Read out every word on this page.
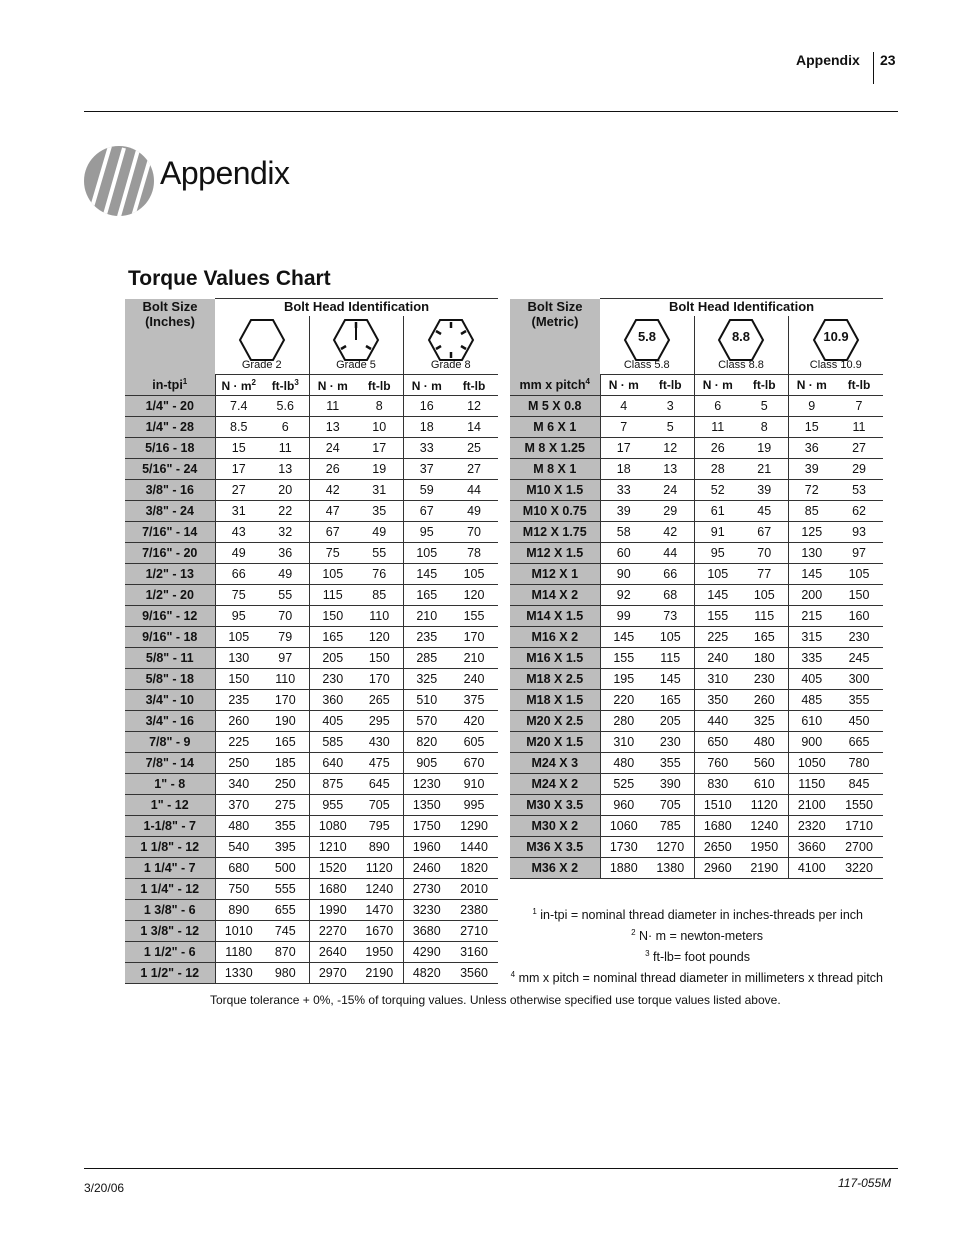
Appendix 23
Appendix
Torque Values Chart
Bolt Size
(Inches)	Bolt Head Identification					

	Grade 2		Grade 5		Grade 8	

in-tpi$^1$	$N \cdot m^2$	$ft-lb^3$	N · m	ft-lb	N · m	ft-lb
1/4" - 20	7.4	5.6	11	8	16	12
1/4" - 28	8.5	6	13	10	18	14
5/16 - 18	15	11	24	17	33	25
5/16" - 24	17	13	26	19	37	27
3/8" - 16	27	20	42	31	59	44
3/8" - 24	31	22	47	35	67	49
7/16" - 14	43	32	67	49	95	70
7/16" - 20	49	36	75	55	105	78
1/2" - 13	66	49	105	76	145	105
1/2" - 20	75	55	115	85	165	120
9/16" - 12	95	70	150	110	210	155
9/16" - 18	105	79	165	120	235	170
5/8" - 11	130	97	205	150	285	210
5/8" - 18	150	110	230	170	325	240
3/4" - 10	235	170	360	265	510	375
3/4" - 16	260	190	405	295	570	420
7/8" - 9	225	165	585	430	820	605
7/8" - 14	250	185	640	475	905	670
1" - 8	340	250	875	645	1230	910
1" - 12	370	275	955	705	1350	995
1-1/8" - 7	480	355	1080	795	1750	1290
1 1/8" - 12	540	395	1210	890	1960	1440
1 1/4" - 7	680	500	1520	1120	2460	1820
1 1/4" - 12	750	555	1680	1240	2730	2010
1 3/8" - 6	890	655	1990	1470	3230	2380
1 3/8" - 12	1010	745	2270	1670	3680	2710
1 1/2" - 6	1180	870	2640	1950	4290	3160
1 1/2" - 12	1330	980	2970	2190	4820	3560
Bolt Size
(Metric)	Bolt Head Identification					

5.8
Class 5.8		8.8
Class 8.8		10.9
Class 10.9	

mm x pitch$^4$	N · m	ft-lb	N · m	ft-lb	N · m	ft-lb
M 5 X 0.8	4	3	6	5	9	7
M 6 X 1	7	5	11	8	15	11
M 8 X 1.25	17	12	26	19	36	27
M 8 X 1	18	13	28	21	39	29
M10 X 1.5	33	24	52	39	72	53
M10 X 0.75	39	29	61	45	85	62
M12 X 1.75	58	42	91	67	125	93
M12 X 1.5	60	44	95	70	130	97
M12 X 1	90	66	105	77	145	105
M14 X 2	92	68	145	105	200	150
M14 X 1.5	99	73	155	115	215	160
M16 X 2	145	105	225	165	315	230
M16 X 1.5	155	115	240	180	335	245
M18 X 2.5	195	145	310	230	405	300
M18 X 1.5	220	165	350	260	485	355
M20 X 2.5	280	205	440	325	610	450
M20 X 1.5	310	230	650	480	900	665
M24 X 3	480	355	760	560	1050	780
M24 X 2	525	390	830	610	1150	845
M30 X 3.5	960	705	1510	1120	2100	1550
M30 X 2	1060	785	1680	1240	2320	1710
M36 X 3.5	1730	1270	2650	1950	3660	2700
M36 X 2	1880	1380	2960	2190	4100	3220
$^1$ in-tpi = nominal thread diameter in inches-threads per inch
$^2$ N· m = newton-meters
$^3$ ft-lb= foot pounds
$^4$ mm x pitch = nominal thread diameter in millimeters x thread pitch
Torque tolerance + 0%, -15% of torquing values. Unless otherwise specified use torque values listed above.
3/20/06	117-055M
